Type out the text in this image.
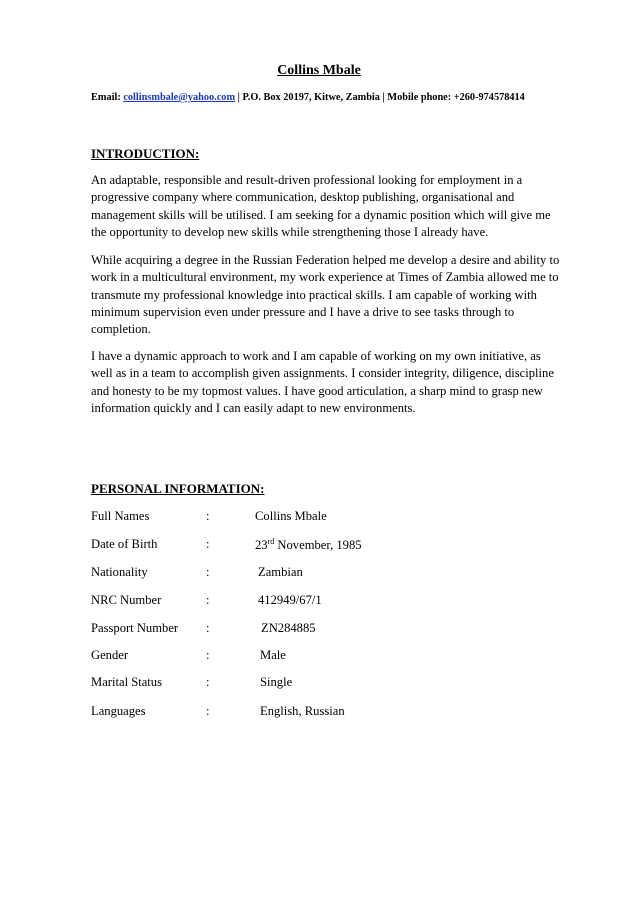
Collins Mbale
Email: collinsmbale@yahoo.com | P.O. Box 20197, Kitwe, Zambia | Mobile phone: +260-974578414
INTRODUCTION:

An adaptable, responsible and result-driven professional looking for employment in a progressive company where communication, desktop publishing, organisational and management skills will be utilised. I am seeking for a dynamic position which will give me the opportunity to develop new skills while strengthening those I already have.

While acquiring a degree in the Russian Federation helped me develop a desire and ability to work in a multicultural environment, my work experience at Times of Zambia allowed me to transmute my professional knowledge into practical skills. I am capable of working with minimum supervision even under pressure and I have a drive to see tasks through to completion.

I have a dynamic approach to work and I am capable of working on my own initiative, as well as in a team to accomplish given assignments. I consider integrity, diligence, discipline and honesty to be my topmost values. I have good articulation, a sharp mind to grasp new information quickly and I can easily adapt to new environments.

PERSONAL INFORMATION:
Full Names	:	Collins Mbale
Date of Birth	:	23rd November, 1985
Nationality	:	Zambian
NRC Number	:	412949/67/1
Passport Number :	ZN284885
Gender	:	Male
Marital Status	:	Single
Languages	:	English, Russian
